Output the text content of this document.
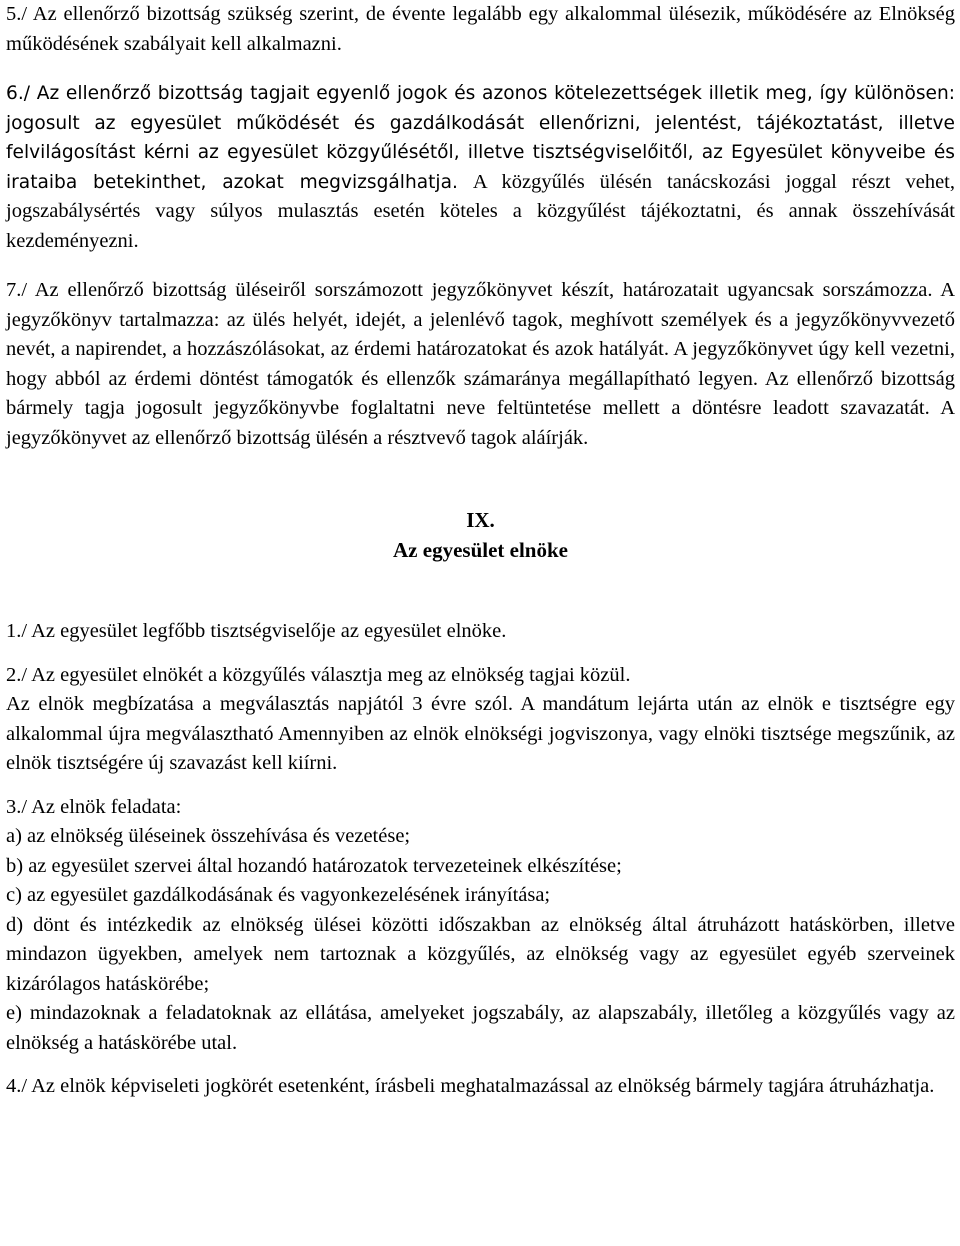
5./ Az ellenőrző bizottság szükség szerint, de évente legalább egy alkalommal ülésezik, működésére az Elnökség működésének szabályait kell alkalmazni.

6./ Az ellenőrző bizottság tagjait egyenlő jogok és azonos kötelezettségek illetik meg, így különösen: jogosult az egyesület működését és gazdálkodását ellenőrizni, jelentést, tájékoztatást, illetve felvilágosítást kérni az egyesület közgyűlésétől, illetve tisztségviselőitől, az Egyesület könyveibe és irataiba betekinthet, azokat megvizsgálhatja. A közgyűlés ülésén tanácskozási joggal részt vehet, jogszabálysértés vagy súlyos mulasztás esetén köteles a közgyűlést tájékoztatni, és annak összehívását kezdeményezni.

7./ Az ellenőrző bizottság üléseiről sorszámozott jegyzőkönyvet készít, határozatait ugyancsak sorszámozza. A jegyzőkönyv tartalmazza: az ülés helyét, idejét, a jelenlévő tagok, meghívott személyek és a jegyzőkönyvvezető nevét, a napirendet, a hozzászólásokat, az érdemi határozatokat és azok hatályát. A jegyzőkönyvet úgy kell vezetni, hogy abból az érdemi döntést támogatók és ellenzők számaránya megállapítható legyen. Az ellenőrző bizottság bármely tagja jogosult jegyzőkönyvbe foglaltatni neve feltüntetése mellett a döntésre leadott szavazatát. A jegyzőkönyvet az ellenőrző bizottság ülésén a résztvevő tagok aláírják.

IX.

Az egyesület elnöke

1./ Az egyesület legfőbb tisztségviselője az egyesület elnöke.

2./ Az egyesület elnökét a közgyűlés választja meg az elnökség tagjai közül.

Az elnök megbízatása a megválasztás napjától 3 évre szól. A mandátum lejárta után az elnök e tisztségre egy alkalommal újra megválasztható Amennyiben az elnök elnökségi jogviszonya, vagy elnöki tisztsége megszűnik, az elnök tisztségére új szavazást kell kiírni.

3./ Az elnök feladata:

a) az elnökség üléseinek összehívása és vezetése;

b) az egyesület szervei által hozandó határozatok tervezeteinek elkészítése;

c) az egyesület gazdálkodásának és vagyonkezelésének irányítása;

d) dönt és intézkedik az elnökség ülései közötti időszakban az elnökség által átruházott hatáskörben, illetve mindazon ügyekben, amelyek nem tartoznak a közgyűlés, az elnökség vagy az egyesület egyéb szerveinek kizárólagos hatáskörébe;

e) mindazoknak a feladatoknak az ellátása, amelyeket jogszabály, az alapszabály, illetőleg a közgyűlés vagy az elnökség a hatáskörébe utal.

4./ Az elnök képviseleti jogkörét esetenként, írásbeli meghatalmazással az elnökség bármely tagjára átruházhatja.
